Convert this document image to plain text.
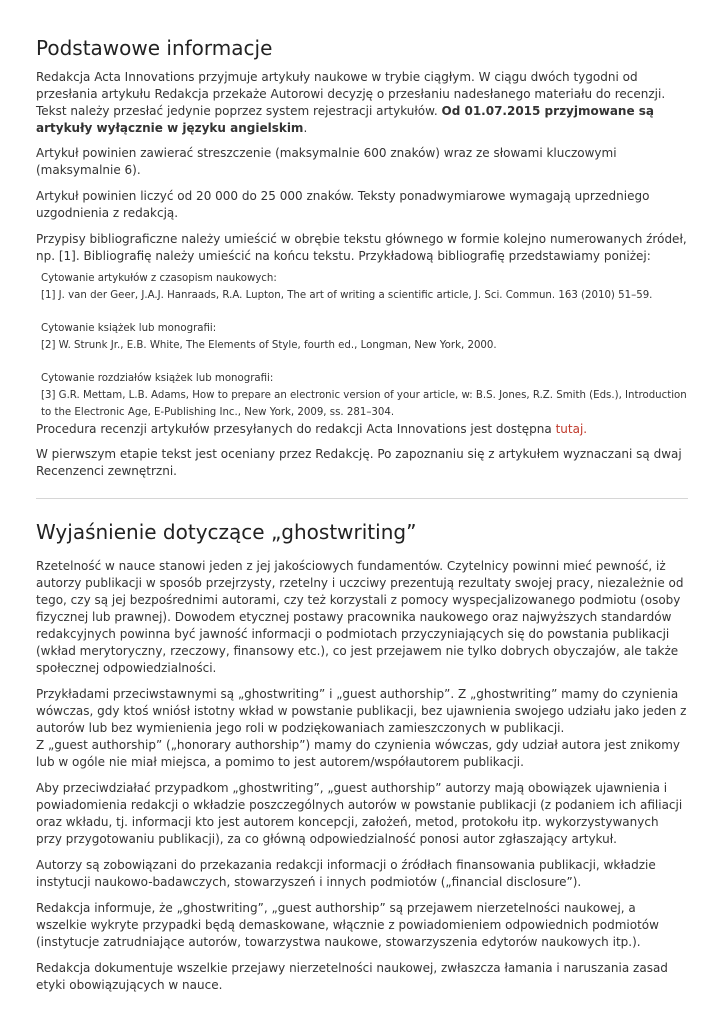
Podstawowe informacje

Redakcja Acta Innovations przyjmuje artykuły naukowe w trybie ciągłym. W ciągu dwóch tygodni od przesłania artykułu Redakcja przekaże Autorowi decyzję o przesłaniu nadesłanego materiału do recenzji. Tekst należy przesłać jedynie poprzez system rejestracji artykułów. Od 01.07.2015 przyjmowane są artykuły wyłącznie w języku angielskim.

Artykuł powinien zawierać streszczenie (maksymalnie 600 znaków) wraz ze słowami kluczowymi (maksymalnie 6).

Artykuł powinien liczyć od 20 000 do 25 000 znaków. Teksty ponadwymiarowe wymagają uprzedniego uzgodnienia z redakcją.

Przypisy bibliograficzne należy umieścić w obrębie tekstu głównego w formie kolejno numerowanych źródeł, np. [1]. Bibliografię należy umieścić na końcu tekstu. Przykładową bibliografię przedstawiamy poniżej:

Cytowanie artykułów z czasopism naukowych:

[1] J. van der Geer, J.A.J. Hanraads, R.A. Lupton, The art of writing a scientific article, J. Sci. Commun. 163 (2010) 51–59.

Cytowanie książek lub monografii:

[2] W. Strunk Jr., E.B. White, The Elements of Style, fourth ed., Longman, New York, 2000.

Cytowanie rozdziałów książek lub monografii:

[3] G.R. Mettam, L.B. Adams, How to prepare an electronic version of your article, w: B.S. Jones, R.Z. Smith (Eds.), Introduction to the Electronic Age, E-Publishing Inc., New York, 2009, ss. 281–304.

Procedura recenzji artykułów przesyłanych do redakcji Acta Innovations jest dostępna tutaj.

W pierwszym etapie tekst jest oceniany przez Redakcję. Po zapoznaniu się z artykułem wyznaczani są dwaj Recenzenci zewnętrzni.

Wyjaśnienie dotyczące „ghostwriting”

Rzetelność w nauce stanowi jeden z jej jakościowych fundamentów. Czytelnicy powinni mieć pewność, iż autorzy publikacji w sposób przejrzysty, rzetelny i uczciwy prezentują rezultaty swojej pracy, niezależnie od tego, czy są jej bezpośrednimi autorami, czy też korzystali z pomocy wyspecjalizowanego podmiotu (osoby fizycznej lub prawnej). Dowodem etycznej postawy pracownika naukowego oraz najwyższych standardów redakcyjnych powinna być jawność informacji o podmiotach przyczyniających się do powstania publikacji (wkład merytoryczny, rzeczowy, finansowy etc.), co jest przejawem nie tylko dobrych obyczajów, ale także społecznej odpowiedzialności.

Przykładami przeciwstawnymi są „ghostwriting” i „guest authorship”. Z „ghostwriting” mamy do czynienia wówczas, gdy ktoś wniósł istotny wkład w powstanie publikacji, bez ujawnienia swojego udziału jako jeden z autorów lub bez wymienienia jego roli w podziękowaniach zamieszczonych w publikacji.
Z „guest authorship” („honorary authorship”) mamy do czynienia wówczas, gdy udział autora jest znikomy lub w ogóle nie miał miejsca, a pomimo to jest autorem/współautorem publikacji.

Aby przeciwdziałać przypadkom „ghostwriting”, „guest authorship” autorzy mają obowiązek ujawnienia i powiadomienia redakcji o wkładzie poszczególnych autorów w powstanie publikacji (z podaniem ich afiliacji oraz wkładu, tj. informacji kto jest autorem koncepcji, założeń, metod, protokołu itp. wykorzystywanych przy przygotowaniu publikacji), za co główną odpowiedzialność ponosi autor zgłaszający artykuł.

Autorzy są zobowiązani do przekazania redakcji informacji o źródłach finansowania publikacji, wkładzie instytucji naukowo-badawczych, stowarzyszeń i innych podmiotów („financial disclosure”).

Redakcja informuje, że „ghostwriting”, „guest authorship” są przejawem nierzetelności naukowej, a wszelkie wykryte przypadki będą demaskowane, włącznie z powiadomieniem odpowiednich podmiotów (instytucje zatrudniające autorów, towarzystwa naukowe, stowarzyszenia edytorów naukowych itp.).

Redakcja dokumentuje wszelkie przejawy nierzetelności naukowej, zwłaszcza łamania i naruszania zasad etyki obowiązujących w nauce.
